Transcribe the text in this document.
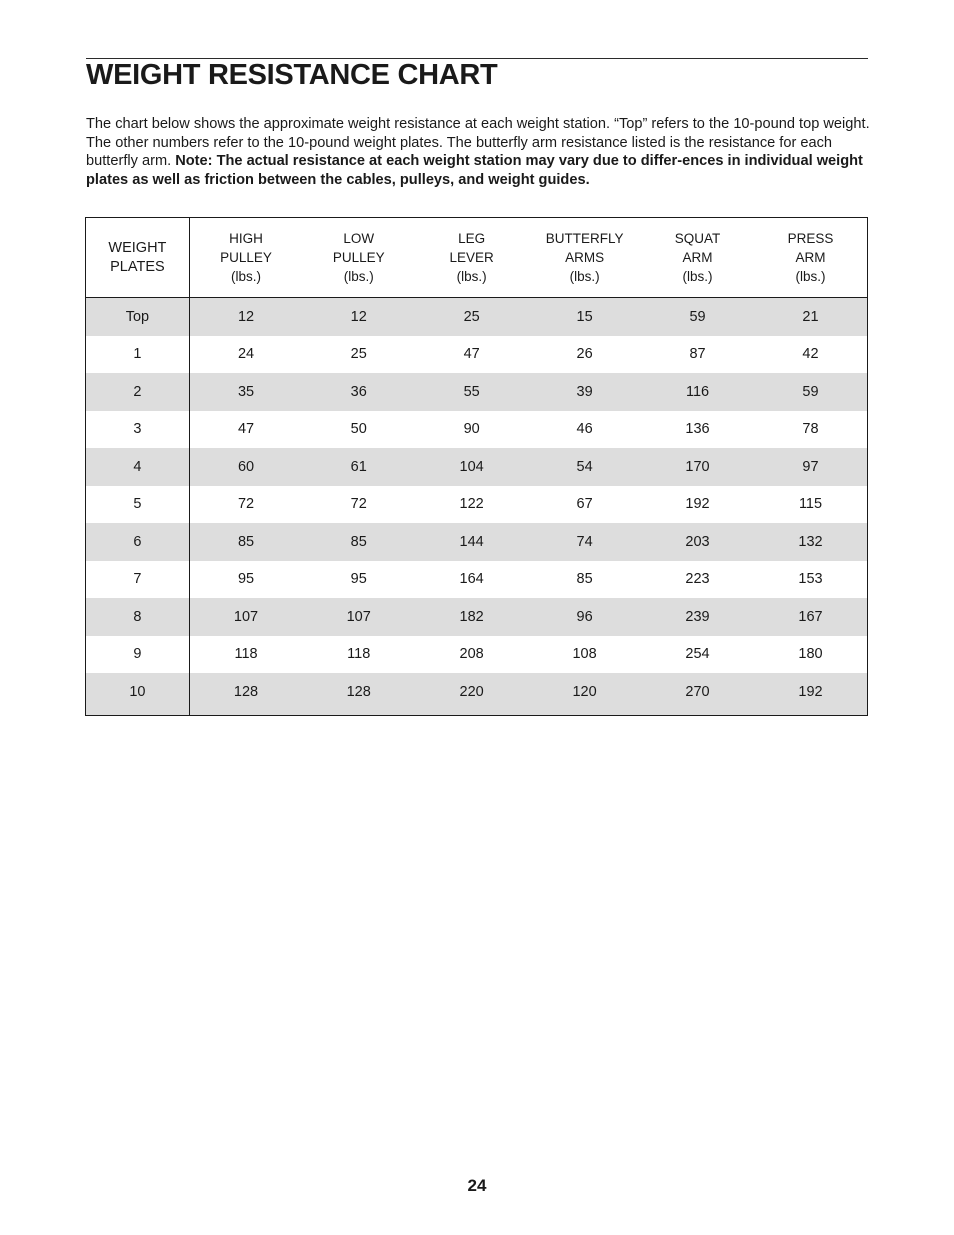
WEIGHT RESISTANCE CHART

The chart below shows the approximate weight resistance at each weight station. “Top” refers to the 10-pound top weight. The other numbers refer to the 10-pound weight plates. The butterfly arm resistance listed is the resistance for each butterfly arm. Note: The actual resistance at each weight station may vary due to differ-ences in individual weight plates as well as friction between the cables, pulleys, and weight guides.

WEIGHT
PLATES	HIGH
PULLEY
(lbs.)	LOW
PULLEY
(lbs.)	LEG
LEVER
(lbs.)	BUTTERFLY
ARMS
(lbs.)	SQUAT
ARM
(lbs.)	PRESS
ARM
(lbs.)

Top	12	12	25	15	59	21
1	24	25	47	26	87	42
2	35	36	55	39	116	59
3	47	50	90	46	136	78
4	60	61	104	54	170	97
5	72	72	122	67	192	115
6	85	85	144	74	203	132
7	95	95	164	85	223	153
8	107	107	182	96	239	167
9	118	118	208	108	254	180
10	128	128	220	120	270	192

24
